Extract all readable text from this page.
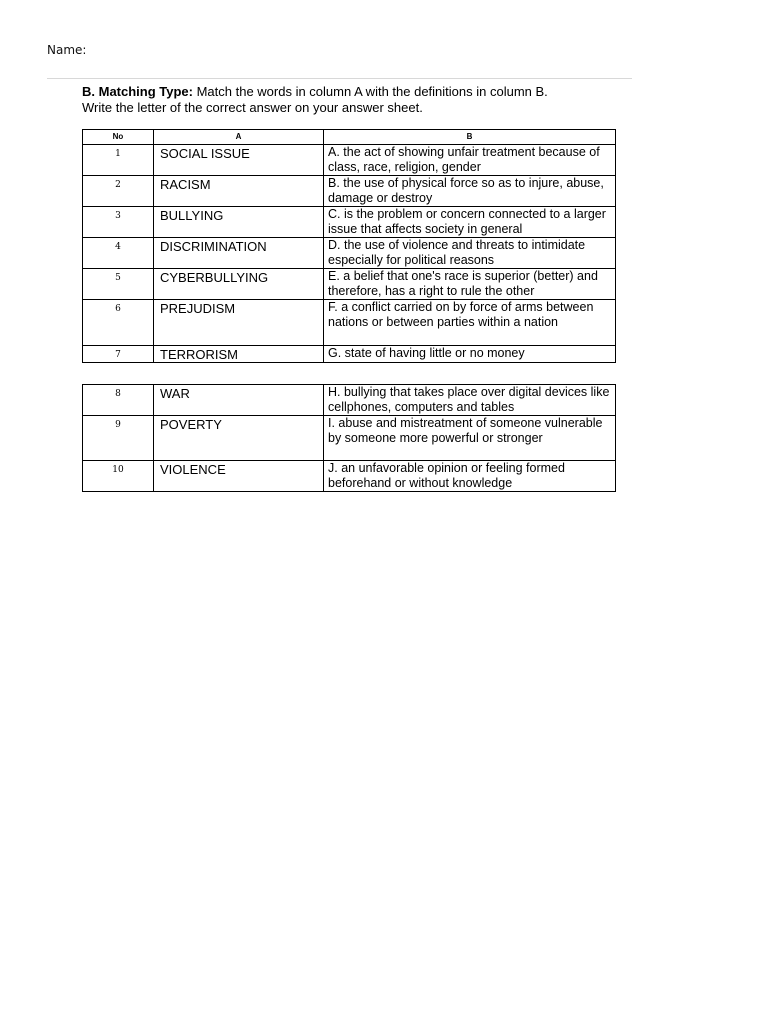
Name:
B. Matching Type: Match the words in column A with the definitions in column B.
Write the letter of the correct answer on your answer sheet.
No	A	B
1	SOCIAL ISSUE	A. the act of showing unfair treatment because of class, race, religion, gender
2	RACISM	B. the use of physical force so as to injure, abuse, damage or destroy
3	BULLYING	C. is the problem or concern connected to a larger issue that affects society in general
4	DISCRIMINATION	D. the use of violence and threats to intimidate especially for political reasons
5	CYBERBULLYING	E. a belief that one's race is superior (better) and therefore, has a right to rule the other
6	PREJUDISM	F. a conflict carried on by force of arms between nations or between parties within a nation
7	TERRORISM	G. state of having little or no money
8	WAR	H. bullying that takes place over digital devices like cellphones, computers and tables
9	POVERTY	I. abuse and mistreatment of someone vulnerable by someone more powerful or stronger
10	VIOLENCE	J. an unfavorable opinion or feeling formed beforehand or without knowledge
